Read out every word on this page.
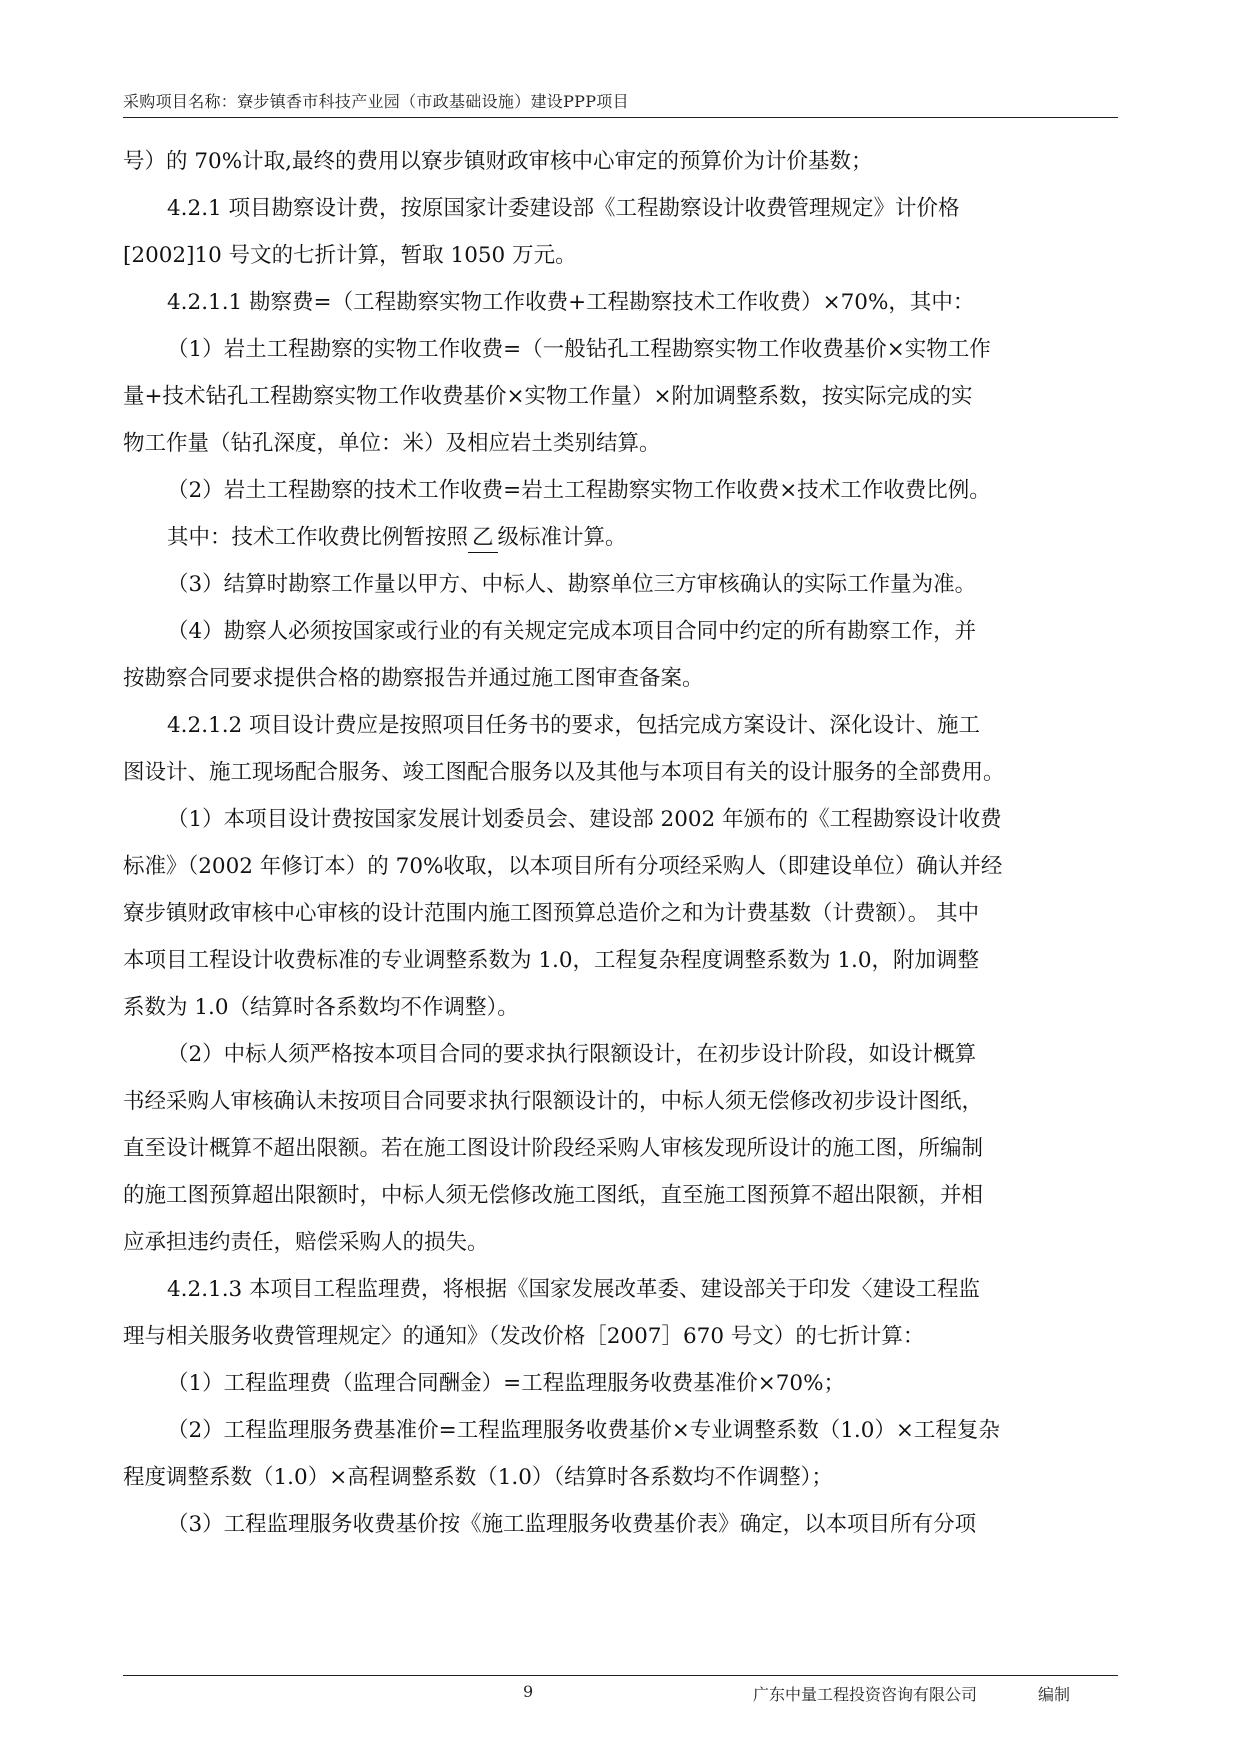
采购项目名称：寮步镇香市科技产业园（市政基础设施）建设PPP项目
号）的 70%计取,最终的费用以寮步镇财政审核中心审定的预算价为计价基数；
4.2.1 项目勘察设计费，按原国家计委建设部《工程勘察设计收费管理规定》计价格
[2002]10 号文的七折计算，暂取 1050 万元。
4.2.1.1 勘察费=（工程勘察实物工作收费+工程勘察技术工作收费）×70%，其中：
（1）岩土工程勘察的实物工作收费=（一般钻孔工程勘察实物工作收费基价×实物工作
量+技术钻孔工程勘察实物工作收费基价×实物工作量）×附加调整系数，按实际完成的实
物工作量（钻孔深度，单位：米）及相应岩土类别结算。
（2）岩土工程勘察的技术工作收费=岩土工程勘察实物工作收费×技术工作收费比例。
其中：技术工作收费比例暂按照 乙 级标准计算。
（3）结算时勘察工作量以甲方、中标人、勘察单位三方审核确认的实际工作量为准。
（4）勘察人必须按国家或行业的有关规定完成本项目合同中约定的所有勘察工作，并
按勘察合同要求提供合格的勘察报告并通过施工图审查备案。
4.2.1.2 项目设计费应是按照项目任务书的要求，包括完成方案设计、深化设计、施工
图设计、施工现场配合服务、竣工图配合服务以及其他与本项目有关的设计服务的全部费用。
（1）本项目设计费按国家发展计划委员会、建设部 2002 年颁布的《工程勘察设计收费
标准》（2002 年修订本）的 70%收取，以本项目所有分项经采购人（即建设单位）确认并经
寮步镇财政审核中心审核的设计范围内施工图预算总造价之和为计费基数（计费额）。 其中
本项目工程设计收费标准的专业调整系数为 1.0，工程复杂程度调整系数为 1.0，附加调整
系数为 1.0（结算时各系数均不作调整）。
（2）中标人须严格按本项目合同的要求执行限额设计，在初步设计阶段，如设计概算
书经采购人审核确认未按项目合同要求执行限额设计的，中标人须无偿修改初步设计图纸，
直至设计概算不超出限额。若在施工图设计阶段经采购人审核发现所设计的施工图，所编制
的施工图预算超出限额时，中标人须无偿修改施工图纸，直至施工图预算不超出限额，并相
应承担违约责任，赔偿采购人的损失。
4.2.1.3 本项目工程监理费，将根据《国家发展改革委、建设部关于印发〈建设工程监
理与相关服务收费管理规定〉的通知》（发改价格［2007］670 号文）的七折计算：
（1）工程监理费（监理合同酬金）=工程监理服务收费基准价×70%；
（2）工程监理服务费基准价=工程监理服务收费基价×专业调整系数（1.0）×工程复杂
程度调整系数（1.0）×高程调整系数（1.0）（结算时各系数均不作调整）；
（3）工程监理服务收费基价按《施工监理服务收费基价表》确定，以本项目所有分项
9	广东中量工程投资咨询有限公司	编制
